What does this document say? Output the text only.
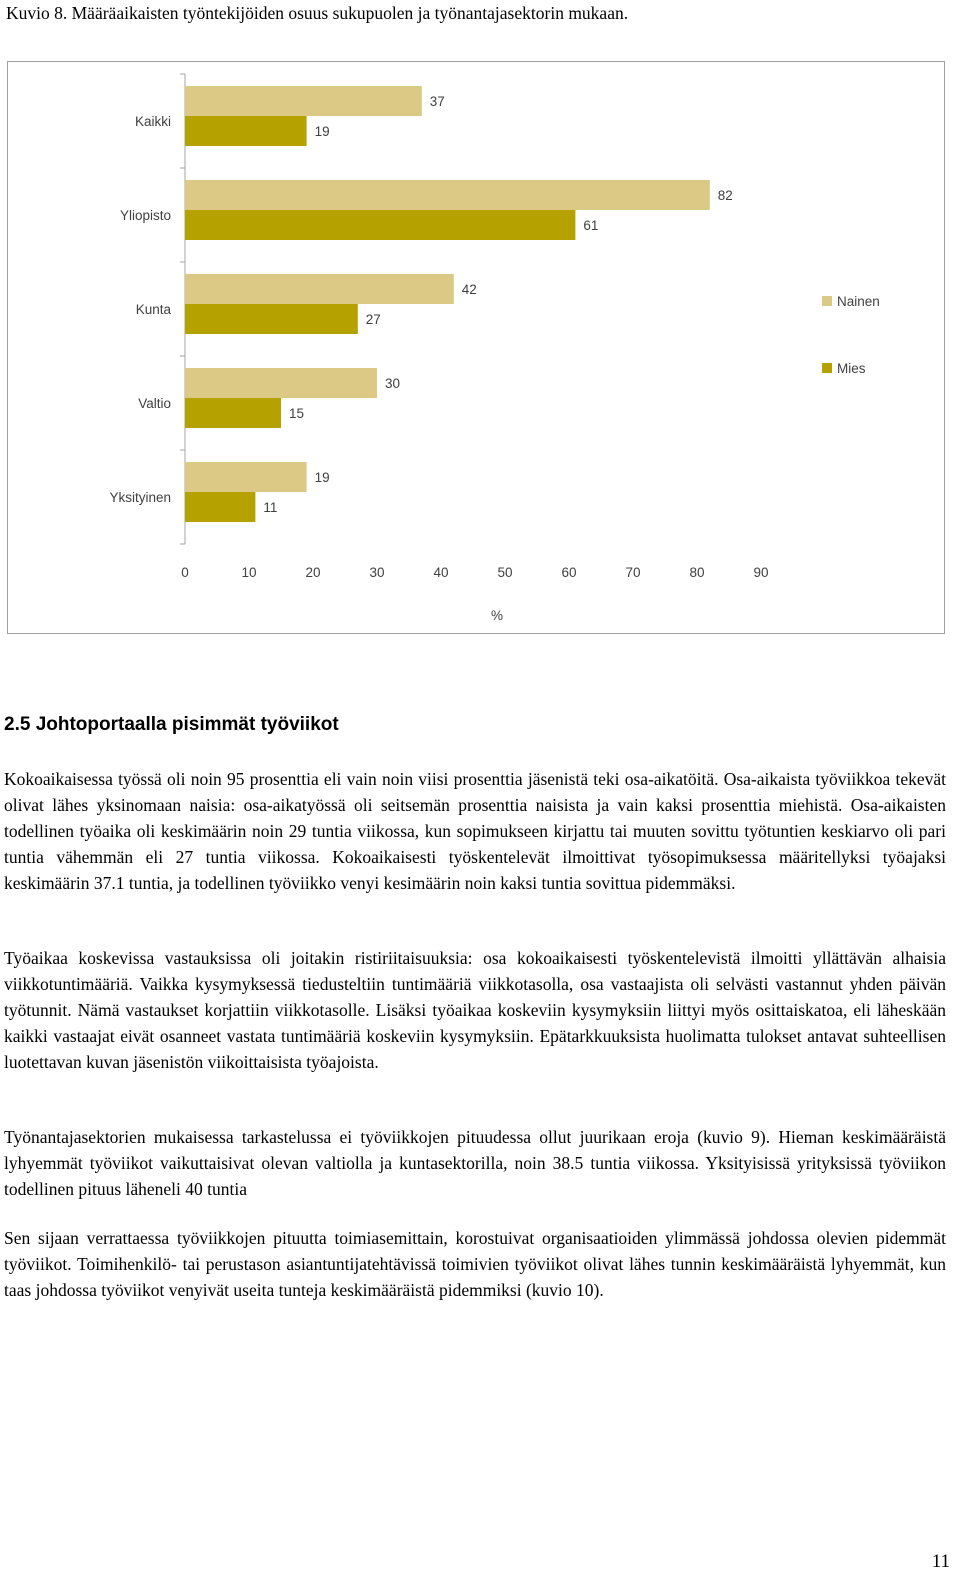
Kuvio 8. Määräaikaisten työntekijöiden osuus sukupuolen ja työnantajasektorin mukaan.
Kaikki
37
19
Yliopisto
82
61
Kunta
42
27
Valtio
30
15
Yksityinen
19
11
0	10	20	30	40	50	60	70	80	90
%
Nainen
Mies
2.5 Johtoportaalla pisimmät työviikot

Kokoaikaisessa työssä oli noin 95 prosenttia eli vain noin viisi prosenttia jäsenistä teki osa-aikatöitä. Osa-aikaista työviikkoa tekevät olivat lähes yksinomaan naisia: osa-aikatyössä oli seitsemän prosenttia naisista ja vain kaksi prosenttia miehistä. Osa-aikaisten todellinen työaika oli keskimäärin noin 29 tuntia viikossa, kun sopimukseen kirjattu tai muuten sovittu työtuntien keskiarvo oli pari tuntia vähemmän eli 27 tuntia viikossa. Kokoaikaisesti työskentelevät ilmoittivat työsopimuksessa määritellyksi työajaksi keskimäärin 37.1 tuntia, ja todellinen työviikko venyi kesimäärin noin kaksi tuntia sovittua pidemmäksi.

Työaikaa koskevissa vastauksissa oli joitakin ristiriitaisuuksia: osa kokoaikaisesti työskentelevistä ilmoitti yllättävän alhaisia viikkotuntimääriä. Vaikka kysymyksessä tiedusteltiin tuntimääriä viikkotasolla, osa vastaajista oli selvästi vastannut yhden päivän työtunnit. Nämä vastaukset korjattiin viikkotasolle. Lisäksi työaikaa koskeviin kysymyksiin liittyi myös osittaiskatoa, eli läheskään kaikki vastaajat eivät osanneet vastata tuntimääriä koskeviin kysymyksiin. Epätarkkuuksista huolimatta tulokset antavat suhteellisen luotettavan kuvan jäsenistön viikoittaisista työajoista.

Työnantajasektorien mukaisessa tarkastelussa ei työviikkojen pituudessa ollut juurikaan eroja (kuvio 9). Hieman keskimääräistä lyhyemmät työviikot vaikuttaisivat olevan valtiolla ja kuntasektorilla, noin 38.5 tuntia viikossa. Yksityisissä yrityksissä työviikon todellinen pituus läheneli 40 tuntia

Sen sijaan verrattaessa työviikkojen pituutta toimiasemittain, korostuivat organisaatioiden ylimmässä johdossa olevien pidemmät työviikot. Toimihenkilö- tai perustason asiantuntijatehtävissä toimivien työviikot olivat lähes tunnin keskimääräistä lyhyemmät, kun taas johdossa työviikot venyivät useita tunteja keskimääräistä pidemmiksi (kuvio 10).

11
